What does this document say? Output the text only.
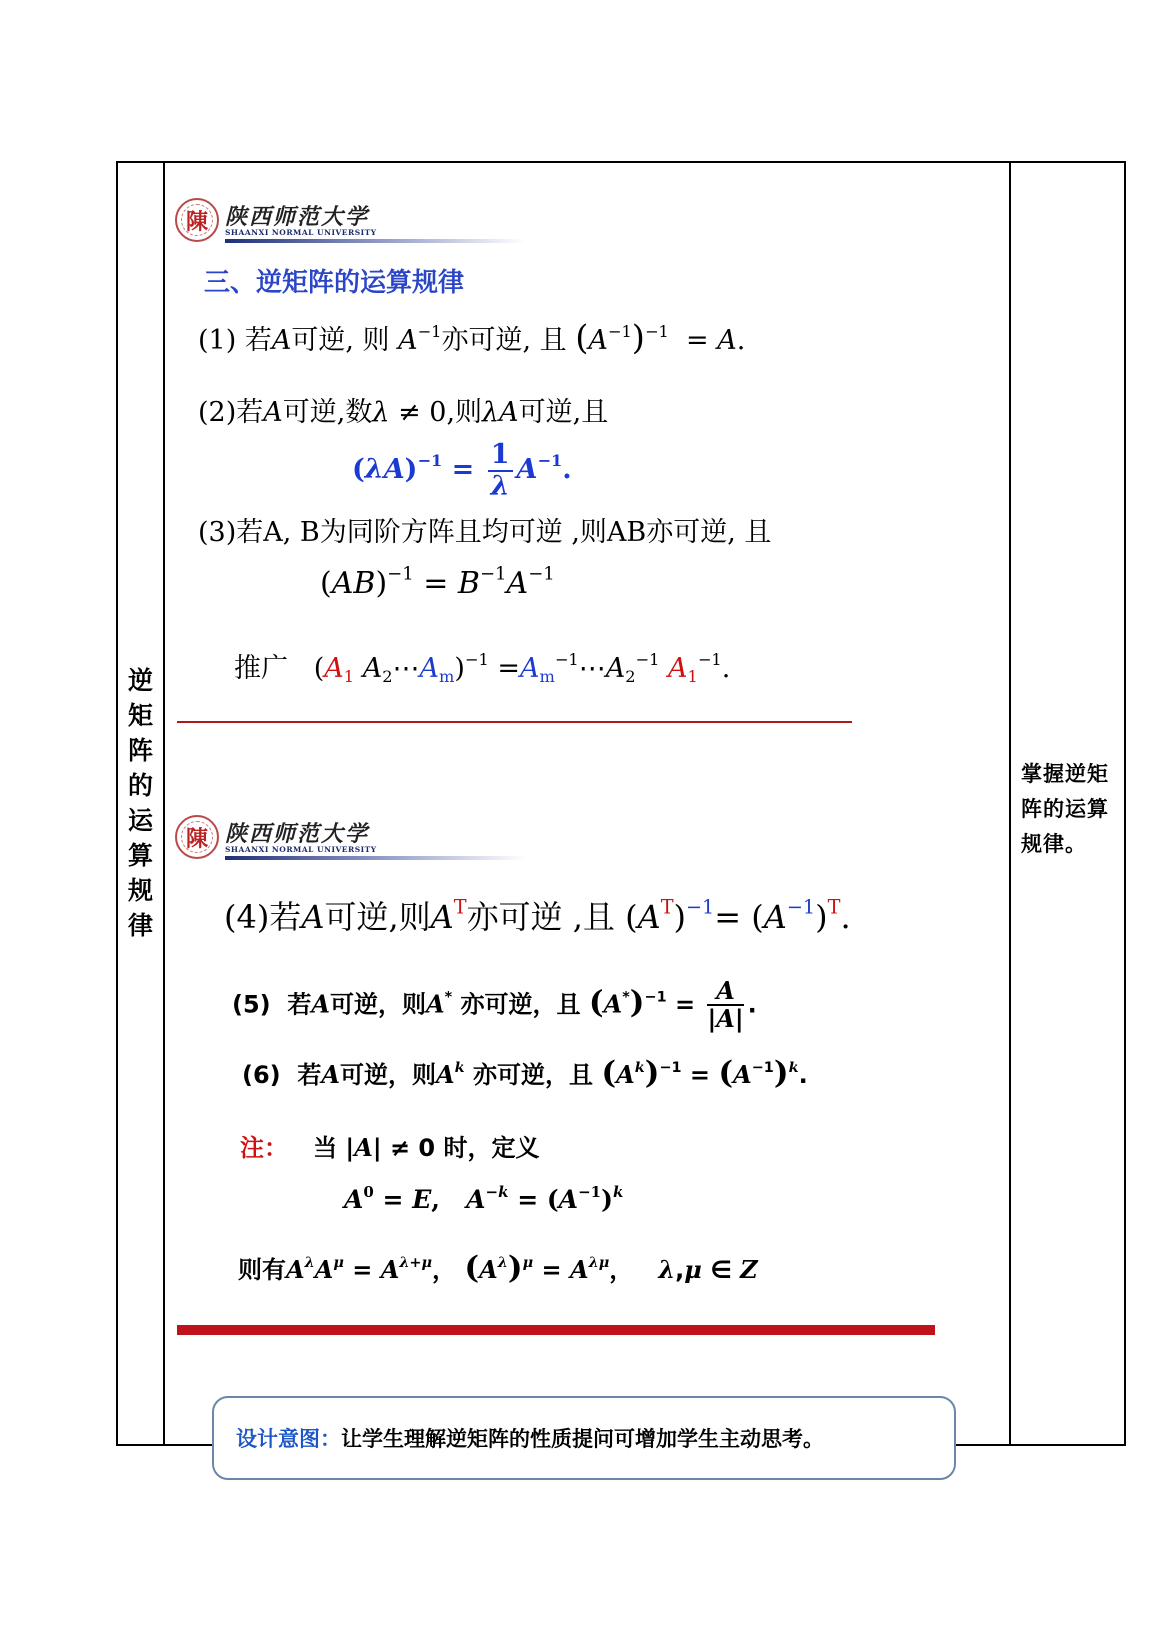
逆
矩
阵
的
运
算
规
律
掌握逆矩阵的运算规律。
陳 陕西师范大学
SHAANXI NORMAL UNIVERSITY
三、逆矩阵的运算规律
(1) 若A可逆, 则 $A^{-1}$亦可逆, 且 $(A^{-1})^{-1} = A$.
(2)若A可逆,数λ ≠ 0,则λA可逆,且
$(\lambda A)^{-1} = \frac{1}{\lambda} A^{-1}$.
(3)若A, B为同阶方阵且均可逆 ,则AB亦可逆, 且
$(AB)^{-1} = B^{-1}A^{-1}$
推广   ($A_1$ $A_2\cdots A_m)^{-1}$ $=A_m^{-1}\cdots A_2^{-1}$ $A_1^{-1}$.
陳 陕西师范大学
SHAANXI NORMAL UNIVERSITY
(4)若A可逆,则$A^T$亦可逆 ,且 $(A^T)^{-1}= (A^{-1})^T$.
(5) 若A可逆，则A* 亦可逆，且 $(A^*)^{-1} = \frac{A}{|A|}$ .
(6) 若A可逆，则$A^k$ 亦可逆，且 $(A^k)^{-1} = (A^{-1})^k$.
注： 当 |A| ≠ 0 时，定义
$A^0 = E$,   $A^{-k} = (A^{-1})^k$
则有$A^\lambda A^\mu = A^{\lambda+\mu}$， $(A^\lambda)^\mu = A^{\lambda\mu}$，   λ,μ ∈ Z
设计意图： 让学生理解逆矩阵的性质提问可增加学生主动思考。
